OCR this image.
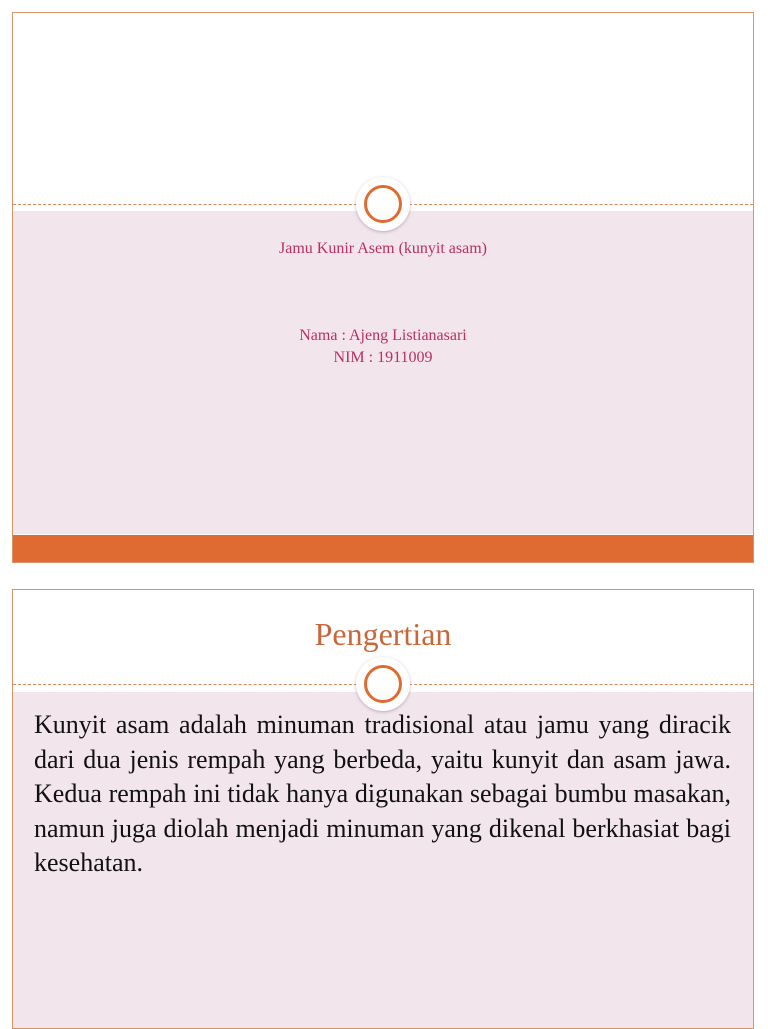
Jamu Kunir Asem (kunyit asam)
Nama : Ajeng Listianasari
NIM : 1911009
Pengertian
Kunyit asam adalah minuman tradisional atau jamu yang diracik dari dua jenis rempah yang berbeda, yaitu kunyit dan asam jawa. Kedua rempah ini tidak hanya digunakan sebagai bumbu masakan, namun juga diolah menjadi minuman yang dikenal berkhasiat bagi kesehatan.
